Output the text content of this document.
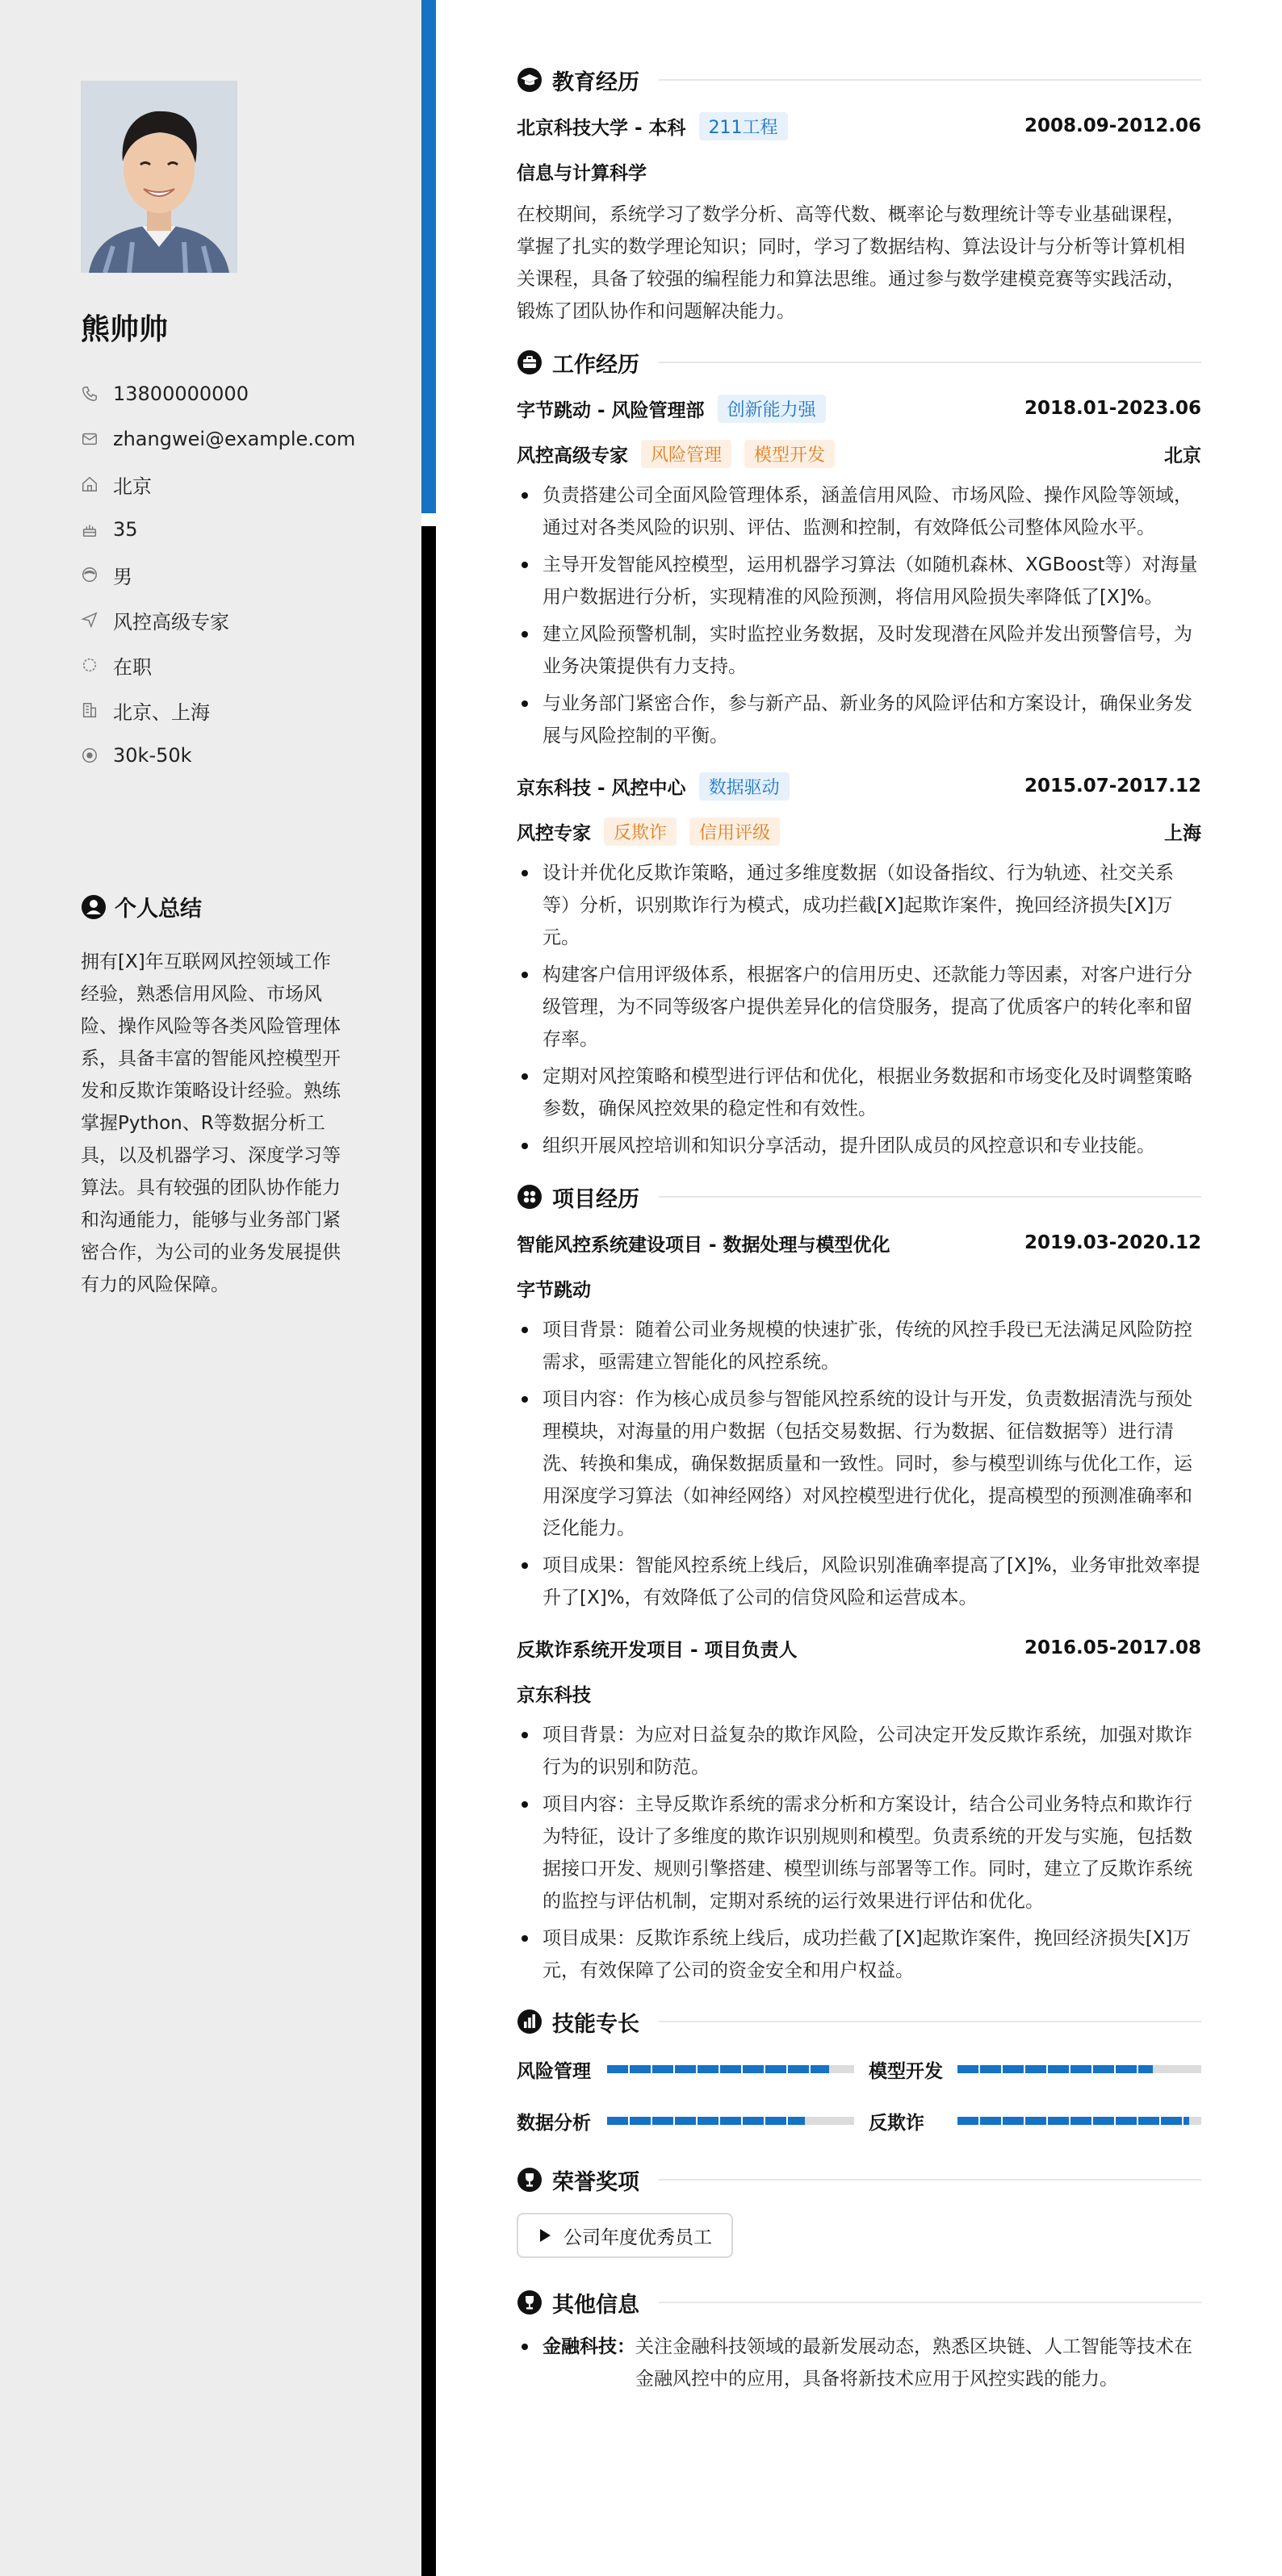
熊帅帅
13800000000
zhangwei@example.com
北京
35
男
风控高级专家
在职
北京、上海
30k-50k
个人总结
拥有[X]年互联网风控领域工作经验，熟悉信用风险、市场风险、操作风险等各类风险管理体系，具备丰富的智能风控模型开发和反欺诈策略设计经验。熟练掌握Python、R等数据分析工具，以及机器学习、深度学习等算法。具有较强的团队协作能力和沟通能力，能够与业务部门紧密合作，为公司的业务发展提供有力的风险保障。
教育经历
北京科技大学 - 本科	211工程	2008.09-2012.06
信息与计算科学
在校期间，系统学习了数学分析、高等代数、概率论与数理统计等专业基础课程，掌握了扎实的数学理论知识；同时，学习了数据结构、算法设计与分析等计算机相关课程，具备了较强的编程能力和算法思维。通过参与数学建模竞赛等实践活动，锻炼了团队协作和问题解决能力。
工作经历
字节跳动 - 风险管理部	创新能力强	2018.01-2023.06
风控高级专家	风险管理	模型开发	北京
负责搭建公司全面风险管理体系，涵盖信用风险、市场风险、操作风险等领域，通过对各类风险的识别、评估、监测和控制，有效降低公司整体风险水平。
主导开发智能风控模型，运用机器学习算法（如随机森林、XGBoost等）对海量用户数据进行分析，实现精准的风险预测，将信用风险损失率降低了[X]%。
建立风险预警机制，实时监控业务数据，及时发现潜在风险并发出预警信号，为业务决策提供有力支持。
与业务部门紧密合作，参与新产品、新业务的风险评估和方案设计，确保业务发展与风险控制的平衡。
京东科技 - 风控中心	数据驱动	2015.07-2017.12
风控专家	反欺诈	信用评级	上海
设计并优化反欺诈策略，通过多维度数据（如设备指纹、行为轨迹、社交关系等）分析，识别欺诈行为模式，成功拦截[X]起欺诈案件，挽回经济损失[X]万元。
构建客户信用评级体系，根据客户的信用历史、还款能力等因素，对客户进行分级管理，为不同等级客户提供差异化的信贷服务，提高了优质客户的转化率和留存率。
定期对风控策略和模型进行评估和优化，根据业务数据和市场变化及时调整策略参数，确保风控效果的稳定性和有效性。
组织开展风控培训和知识分享活动，提升团队成员的风控意识和专业技能。
项目经历
智能风控系统建设项目 - 数据处理与模型优化	2019.03-2020.12
字节跳动
项目背景：随着公司业务规模的快速扩张，传统的风控手段已无法满足风险防控需求，亟需建立智能化的风控系统。
项目内容：作为核心成员参与智能风控系统的设计与开发，负责数据清洗与预处理模块，对海量的用户数据（包括交易数据、行为数据、征信数据等）进行清洗、转换和集成，确保数据质量和一致性。同时，参与模型训练与优化工作，运用深度学习算法（如神经网络）对风控模型进行优化，提高模型的预测准确率和泛化能力。
项目成果：智能风控系统上线后，风险识别准确率提高了[X]%，业务审批效率提升了[X]%，有效降低了公司的信贷风险和运营成本。
反欺诈系统开发项目 - 项目负责人	2016.05-2017.08
京东科技
项目背景：为应对日益复杂的欺诈风险，公司决定开发反欺诈系统，加强对欺诈行为的识别和防范。
项目内容：主导反欺诈系统的需求分析和方案设计，结合公司业务特点和欺诈行为特征，设计了多维度的欺诈识别规则和模型。负责系统的开发与实施，包括数据接口开发、规则引擎搭建、模型训练与部署等工作。同时，建立了反欺诈系统的监控与评估机制，定期对系统的运行效果进行评估和优化。
项目成果：反欺诈系统上线后，成功拦截了[X]起欺诈案件，挽回经济损失[X]万元，有效保障了公司的资金安全和用户权益。
技能专长
风险管理	模型开发
数据分析	反欺诈
荣誉奖项
公司年度优秀员工
其他信息
金融科技： 关注金融科技领域的最新发展动态，熟悉区块链、人工智能等技术在金融风控中的应用，具备将新技术应用于风控实践的能力。
